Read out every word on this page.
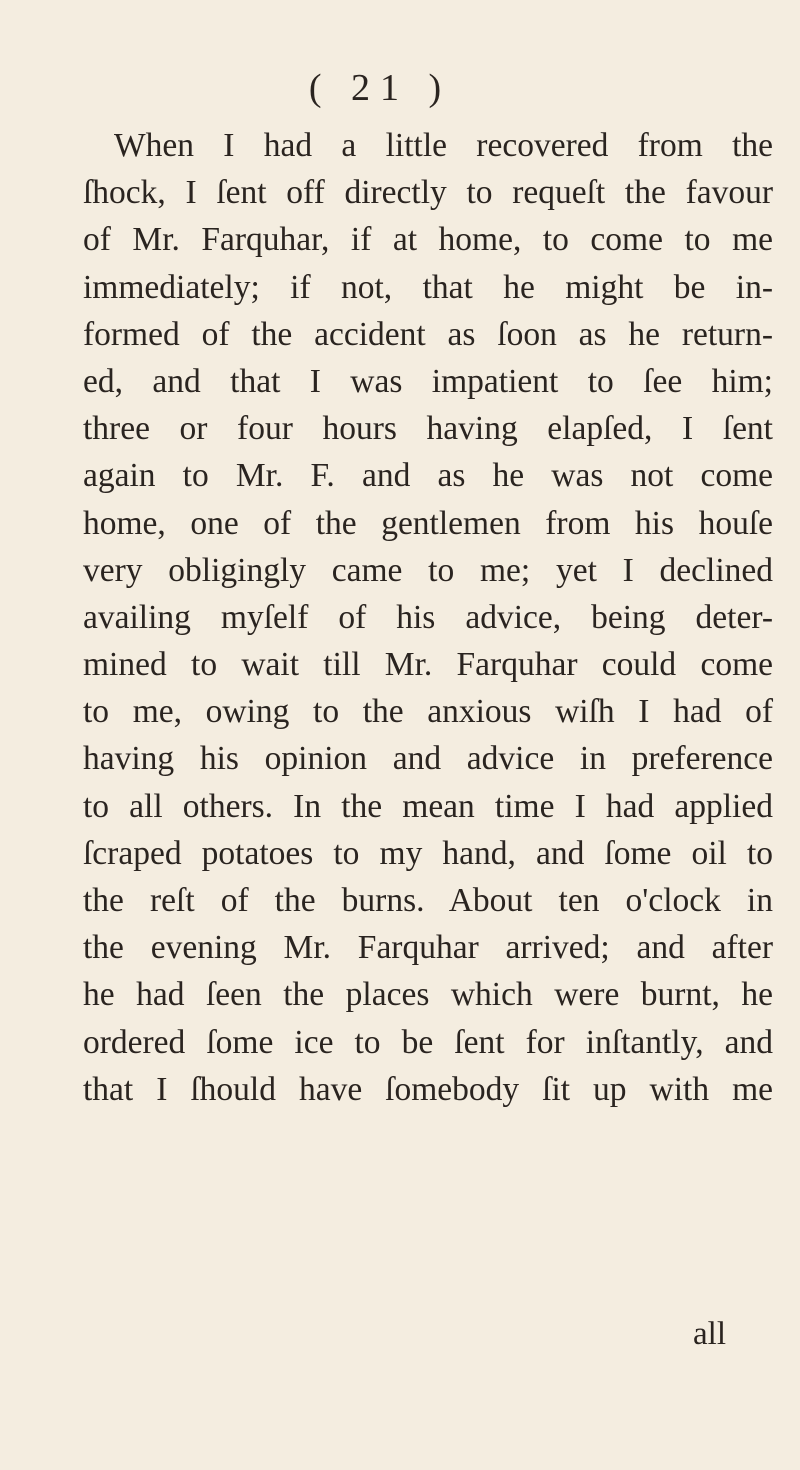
( 21 )
When I had a little recovered from the
ſhock, I ſent off directly to requeſt the favour
of Mr. Farquhar, if at home, to come to me
immediately; if not, that he might be in-
formed of the accident as ſoon as he return-
ed, and that I was impatient to ſee him;
three or four hours having elapſed, I ſent
again to Mr. F. and as he was not come
home, one of the gentlemen from his houſe
very obligingly came to me; yet I declined
availing myſelf of his advice, being deter-
mined to wait till Mr. Farquhar could come
to me, owing to the anxious wiſh I had of
having his opinion and advice in preference
to all others. In the mean time I had applied
ſcraped potatoes to my hand, and ſome oil to
the reſt of the burns. About ten o'clock in
the evening Mr. Farquhar arrived; and after
he had ſeen the places which were burnt, he
ordered ſome ice to be ſent for inſtantly, and
that I ſhould have ſomebody ſit up with me
all
